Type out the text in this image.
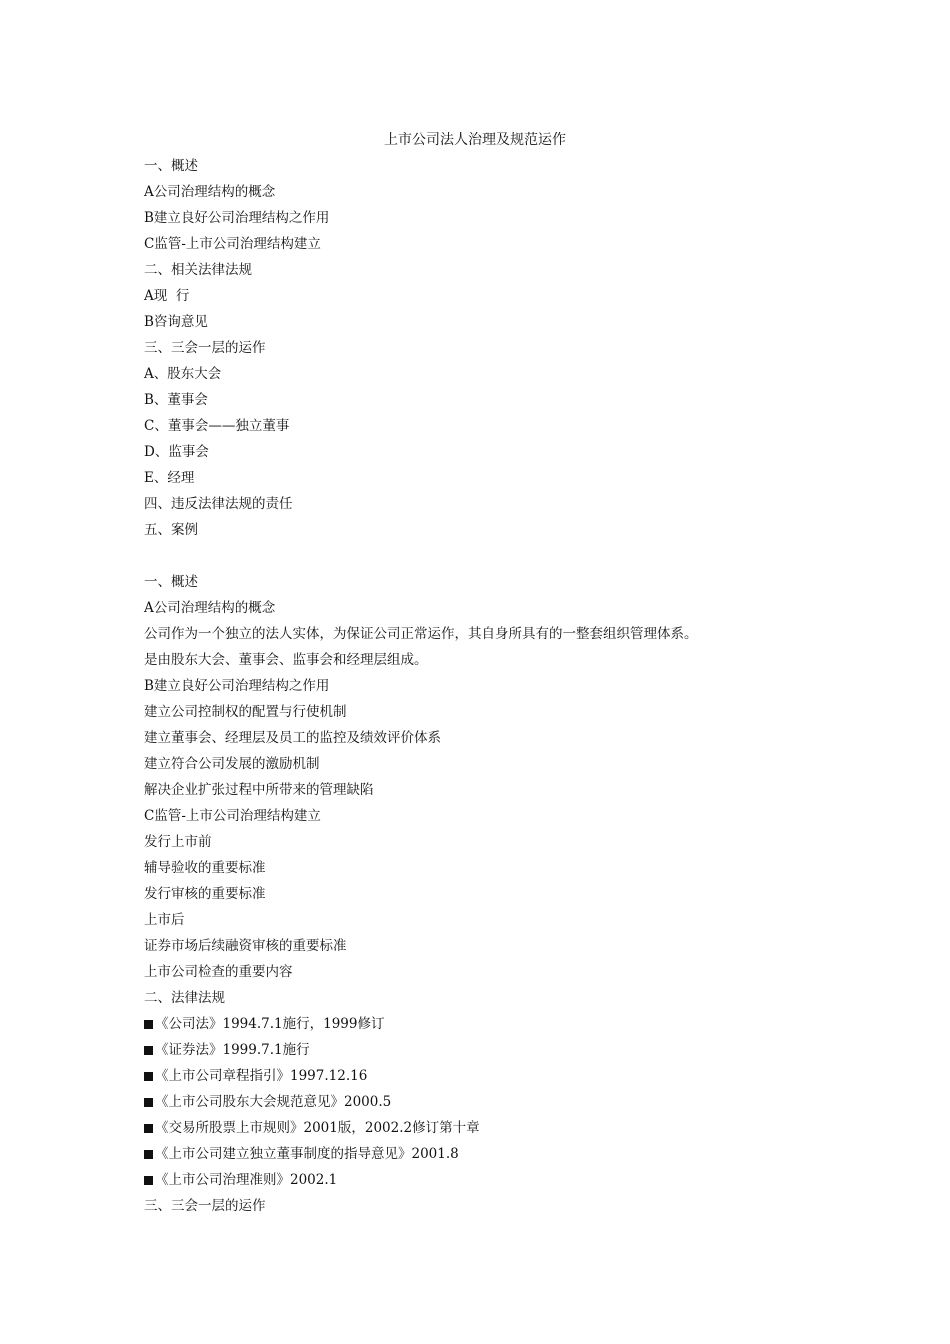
上市公司法人治理及规范运作
一、概述
A公司治理结构的概念
B建立良好公司治理结构之作用
C监管-上市公司治理结构建立
二、相关法律法规
A现  行
B咨询意见
三、三会一层的运作
A、股东大会
B、董事会
C、董事会——独立董事
D、监事会
E、经理
四、违反法律法规的责任
五、案例
一、概述
A公司治理结构的概念
公司作为一个独立的法人实体，为保证公司正常运作，其自身所具有的一整套组织管理体系。
是由股东大会、董事会、监事会和经理层组成。
B建立良好公司治理结构之作用
建立公司控制权的配置与行使机制
建立董事会、经理层及员工的监控及绩效评价体系
建立符合公司发展的激励机制
解决企业扩张过程中所带来的管理缺陷
C监管-上市公司治理结构建立
发行上市前
辅导验收的重要标准
发行审核的重要标准
上市后
证券市场后续融资审核的重要标准
上市公司检查的重要内容
二、法律法规
《公司法》1994.7.1施行，1999修订
《证券法》1999.7.1施行
《上市公司章程指引》1997.12.16
《上市公司股东大会规范意见》2000.5
《交易所股票上市规则》2001版，2002.2修订第十章
《上市公司建立独立董事制度的指导意见》2001.8
《上市公司治理准则》2002.1
三、三会一层的运作
